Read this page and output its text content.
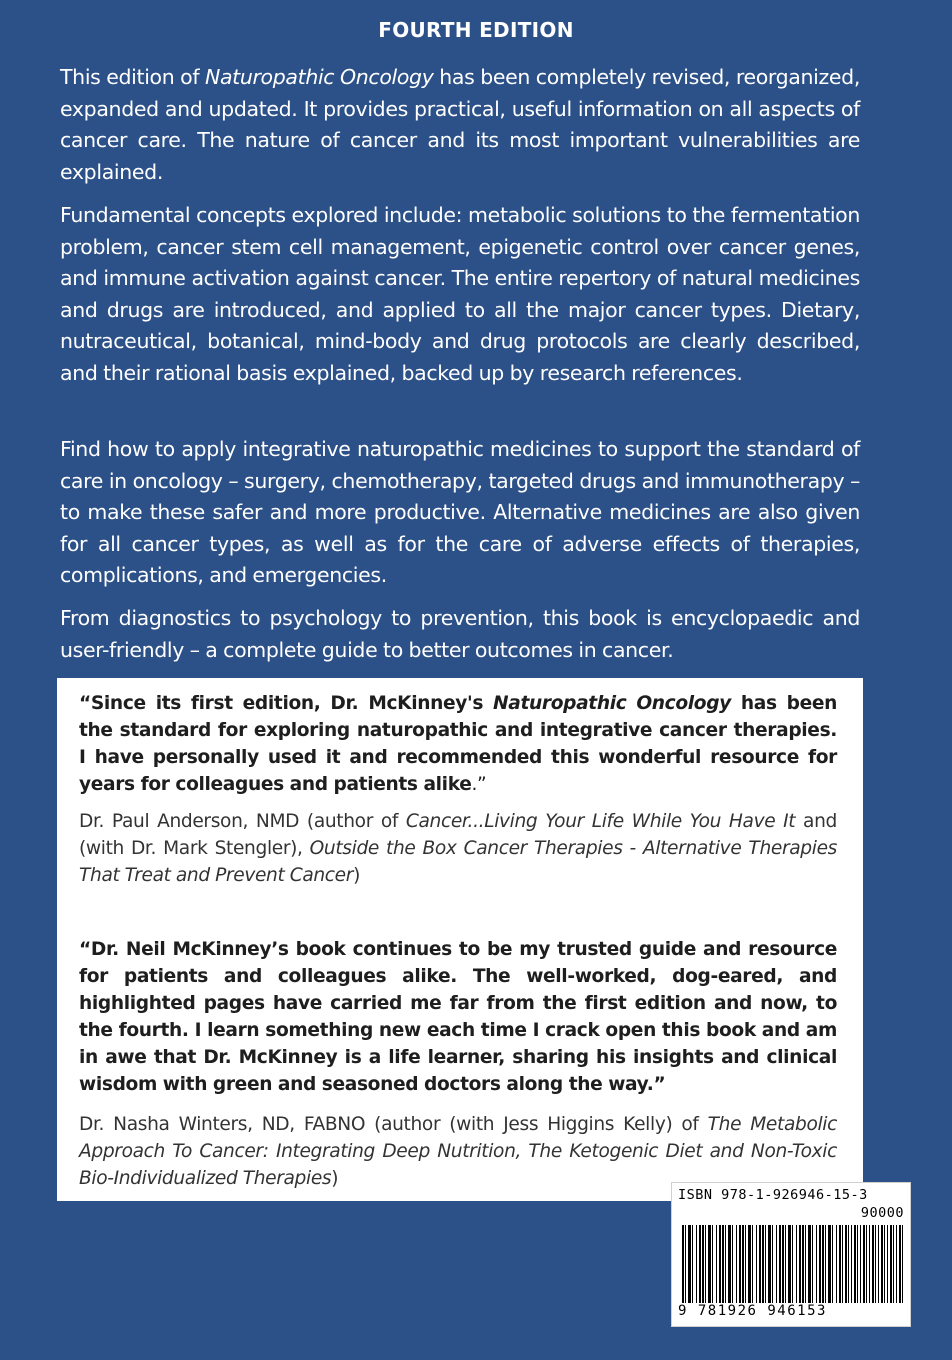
FOURTH EDITION

This edition of Naturopathic Oncology has been completely revised, reorganized, expanded and updated. It provides practical, useful information on all aspects of cancer care. The nature of cancer and its most important vulnerabilities are explained.

Fundamental concepts explored include: metabolic solutions to the fermentation problem, cancer stem cell management, epigenetic control over cancer genes, and immune activation against cancer. The entire repertory of natural medicines and drugs are introduced, and applied to all the major cancer types. Dietary, nutraceutical, botanical, mind-body and drug protocols are clearly described, and their rational basis explained, backed up by research references.

Find how to apply integrative naturopathic medicines to support the standard of care in oncology – surgery, chemotherapy, targeted drugs and immunotherapy – to make these safer and more productive. Alternative medicines are also given for all cancer types, as well as for the care of adverse effects of therapies, complications, and emergencies.

From diagnostics to psychology to prevention, this book is encyclopaedic and user-friendly – a complete guide to better outcomes in cancer.

“Since its first edition, Dr. McKinney's Naturopathic Oncology has been the standard for exploring naturopathic and integrative cancer therapies. I have personally used it and recommended this wonderful resource for years for colleagues and patients alike.”

Dr. Paul Anderson, NMD (author of Cancer...Living Your Life While You Have It and (with Dr. Mark Stengler), Outside the Box Cancer Therapies - Alternative Therapies That Treat and Prevent Cancer)

“Dr. Neil McKinney’s book continues to be my trusted guide and resource for patients and colleagues alike. The well-worked, dog-eared, and highlighted pages have carried me far from the first edition and now, to the fourth. I learn something new each time I crack open this book and am in awe that Dr. McKinney is a life learner, sharing his insights and clinical wisdom with green and seasoned doctors along the way.”

Dr. Nasha Winters, ND, FABNO (author (with Jess Higgins Kelly) of The Metabolic Approach To Cancer: Integrating Deep Nutrition, The Ketogenic Diet and Non-Toxic Bio-Individualized Therapies)

ISBN 978-1-926946-15-3
90000
9 781926 946153
